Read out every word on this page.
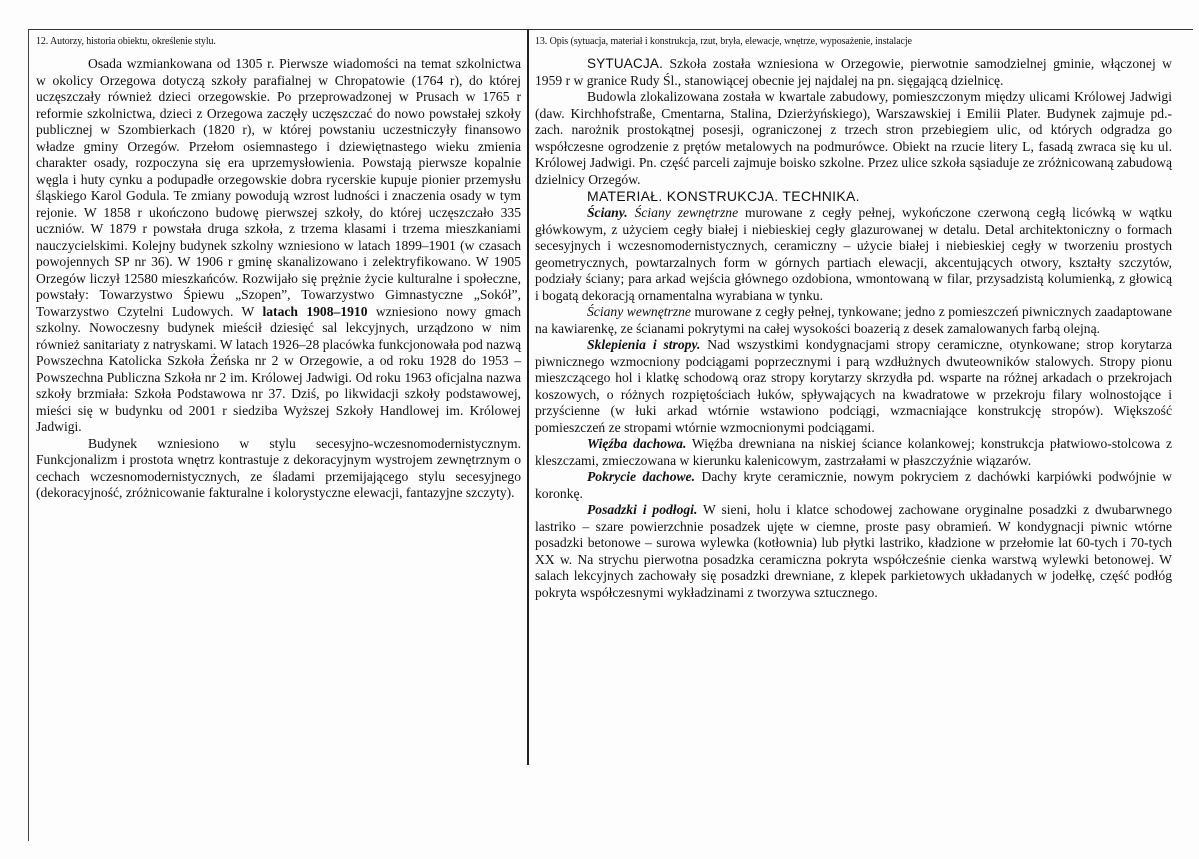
12. Autorzy, historia obiektu, określenie stylu.

Osada wzmiankowana od 1305 r. Pierwsze wiadomości na temat szkolnictwa w okolicy Orzegowa dotyczą szkoły parafialnej w Chropatowie (1764 r), do której uczęszczały również dzieci orzegowskie. Po przeprowadzonej w Prusach w 1765 r reformie szkolnictwa, dzieci z Orzegowa zaczęły uczęszczać do nowo powstałej szkoły publicznej w Szombierkach (1820 r), w której powstaniu uczestniczyły finansowo władze gminy Orzegów. Przełom osiemnastego i dziewiętnastego wieku zmienia charakter osady, rozpoczyna się era uprzemysłowienia. Powstają pierwsze kopalnie węgla i huty cynku a podupadłe orzegowskie dobra rycerskie kupuje pionier przemysłu śląskiego Karol Godula. Te zmiany powodują wzrost ludności i znaczenia osady w tym rejonie. W 1858 r ukończono budowę pierwszej szkoły, do której uczęszczało 335 uczniów. W 1879 r powstała druga szkoła, z trzema klasami i trzema mieszkaniami nauczycielskimi. Kolejny budynek szkolny wzniesiono w latach 1899–1901 (w czasach powojennych SP nr 36). W 1906 r gminę skanalizowano i zelektryfikowano. W 1905 Orzegów liczył 12580 mieszkańców. Rozwijało się prężnie życie kulturalne i społeczne, powstały: Towarzystwo Śpiewu „Szopen”, Towarzystwo Gimnastyczne „Sokół”, Towarzystwo Czytelni Ludowych. W latach 1908–1910 wzniesiono nowy gmach szkolny. Nowoczesny budynek mieścił dziesięć sal lekcyjnych, urządzono w nim również sanitariaty z natryskami. W latach 1926–28 placówka funkcjonowała pod nazwą Powszechna Katolicka Szkoła Żeńska nr 2 w Orzegowie, a od roku 1928 do 1953 – Powszechna Publiczna Szkoła nr 2 im. Królowej Jadwigi. Od roku 1963 oficjalna nazwa szkoły brzmiała: Szkoła Podstawowa nr 37. Dziś, po likwidacji szkoły podstawowej, mieści się w budynku od 2001 r siedziba Wyższej Szkoły Handlowej im. Królowej Jadwigi.

Budynek wzniesiono w stylu secesyjno-wczesnomodernistycznym. Funkcjonalizm i prostota wnętrz kontrastuje z dekoracyjnym wystrojem zewnętrznym o cechach wczesnomodernistycznych, ze śladami przemijającego stylu secesyjnego (dekoracyjność, zróżnicowanie fakturalne i kolorystyczne elewacji, fantazyjne szczyty).

13. Opis (sytuacja, materiał i konstrukcja, rzut, bryła, elewacje, wnętrze, wyposażenie, instalacje

SYTUACJA. Szkoła została wzniesiona w Orzegowie, pierwotnie samodzielnej gminie, włączonej w 1959 r w granice Rudy Śl., stanowiącej obecnie jej najdalej na pn. sięgającą dzielnicę.

Budowla zlokalizowana została w kwartale zabudowy, pomieszczonym między ulicami Królowej Jadwigi (daw. Kirchhofstraße, Cmentarna, Stalina, Dzierżyńskiego), Warszawskiej i Emilii Plater. Budynek zajmuje pd.-zach. narożnik prostokątnej posesji, ograniczonej z trzech stron przebiegiem ulic, od których odgradza go współczesne ogrodzenie z prętów metalowych na podmurówce. Obiekt na rzucie litery L, fasadą zwraca się ku ul. Królowej Jadwigi. Pn. część parceli zajmuje boisko szkolne. Przez ulice szkoła sąsiaduje ze zróżnicowaną zabudową dzielnicy Orzegów.

MATERIAŁ. KONSTRUKCJA. TECHNIKA.

Ściany. Ściany zewnętrzne murowane z cegły pełnej, wykończone czerwoną cegłą licówką w wątku główkowym, z użyciem cegły białej i niebieskiej cegły glazurowanej w detalu. Detal architektoniczny o formach secesyjnych i wczesnomodernistycznych, ceramiczny – użycie białej i niebieskiej cegły w tworzeniu prostych geometrycznych, powtarzalnych form w górnych partiach elewacji, akcentujących otwory, kształty szczytów, podziały ściany; para arkad wejścia głównego ozdobiona, wmontowaną w filar, przysadzistą kolumienką, z głowicą i bogatą dekoracją ornamentalna wyrabiana w tynku.

Ściany wewnętrzne murowane z cegły pełnej, tynkowane; jedno z pomieszczeń piwnicznych zaadaptowane na kawiarenkę, ze ścianami pokrytymi na całej wysokości boazerią z desek zamalowanych farbą olejną.

Sklepienia i stropy. Nad wszystkimi kondygnacjami stropy ceramiczne, otynkowane; strop korytarza piwnicznego wzmocniony podciągami poprzecznymi i parą wzdłużnych dwuteowników stalowych. Stropy pionu mieszczącego hol i klatkę schodową oraz stropy korytarzy skrzydła pd. wsparte na różnej arkadach o przekrojach koszowych, o różnych rozpiętościach łuków, spływających na kwadratowe w przekroju filary wolnostojące i przyścienne (w łuki arkad wtórnie wstawiono podciągi, wzmacniające konstrukcję stropów). Większość pomieszczeń ze stropami wtórnie wzmocnionymi podciągami.

Więźba dachowa. Więźba drewniana na niskiej ściance kolankowej; konstrukcja płatwiowo-stolcowa z kleszczami, zmieczowana w kierunku kalenicowym, zastrzałami w płaszczyźnie wiązarów.

Pokrycie dachowe. Dachy kryte ceramicznie, nowym pokryciem z dachówki karpiówki podwójnie w koronkę.

Posadzki i podłogi. W sieni, holu i klatce schodowej zachowane oryginalne posadzki z dwubarwnego lastriko – szare powierzchnie posadzek ujęte w ciemne, proste pasy obramień. W kondygnacji piwnic wtórne posadzki betonowe – surowa wylewka (kotłownia) lub płytki lastriko, kładzione w przełomie lat 60-tych i 70-tych XX w. Na strychu pierwotna posadzka ceramiczna pokryta współcześnie cienka warstwą wylewki betonowej. W salach lekcyjnych zachowały się posadzki drewniane, z klepek parkietowych układanych w jodełkę, część podłóg pokryta współczesnymi wykładzinami z tworzywa sztucznego.
